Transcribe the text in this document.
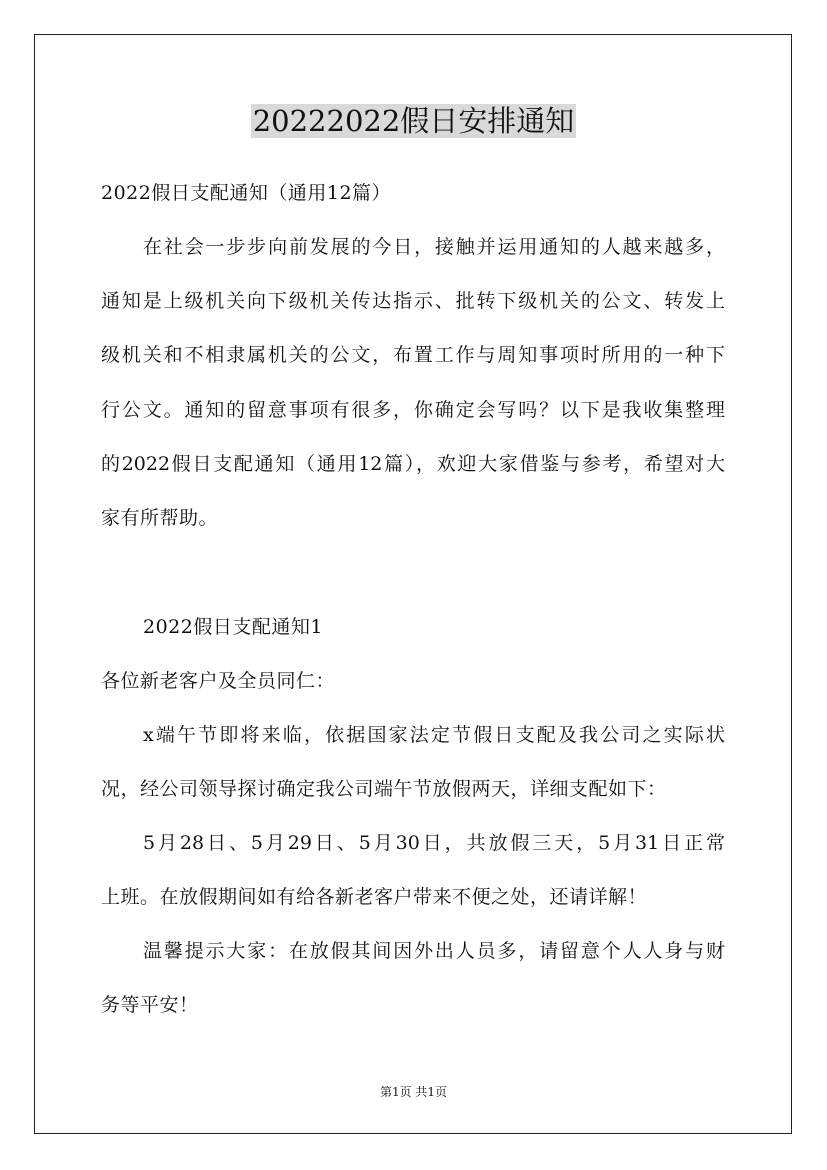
20222022假日安排通知
2022假日支配通知（通用12篇）
在社会一步步向前发展的今日，接触并运用通知的人越来越多，
通知是上级机关向下级机关传达指示、批转下级机关的公文、转发上
级机关和不相隶属机关的公文，布置工作与周知事项时所用的一种下
行公文。通知的留意事项有很多，你确定会写吗？以下是我收集整理
的2022假日支配通知（通用12篇），欢迎大家借鉴与参考，希望对大
家有所帮助。
2022假日支配通知1
各位新老客户及全员同仁：
x端午节即将来临，依据国家法定节假日支配及我公司之实际状
况，经公司领导探讨确定我公司端午节放假两天，详细支配如下：
5月28日、5月29日、5月30日，共放假三天，5月31日正常
上班。在放假期间如有给各新老客户带来不便之处，还请详解！
温馨提示大家：在放假其间因外出人员多，请留意个人人身与财
务等平安！
第1页 共1页
